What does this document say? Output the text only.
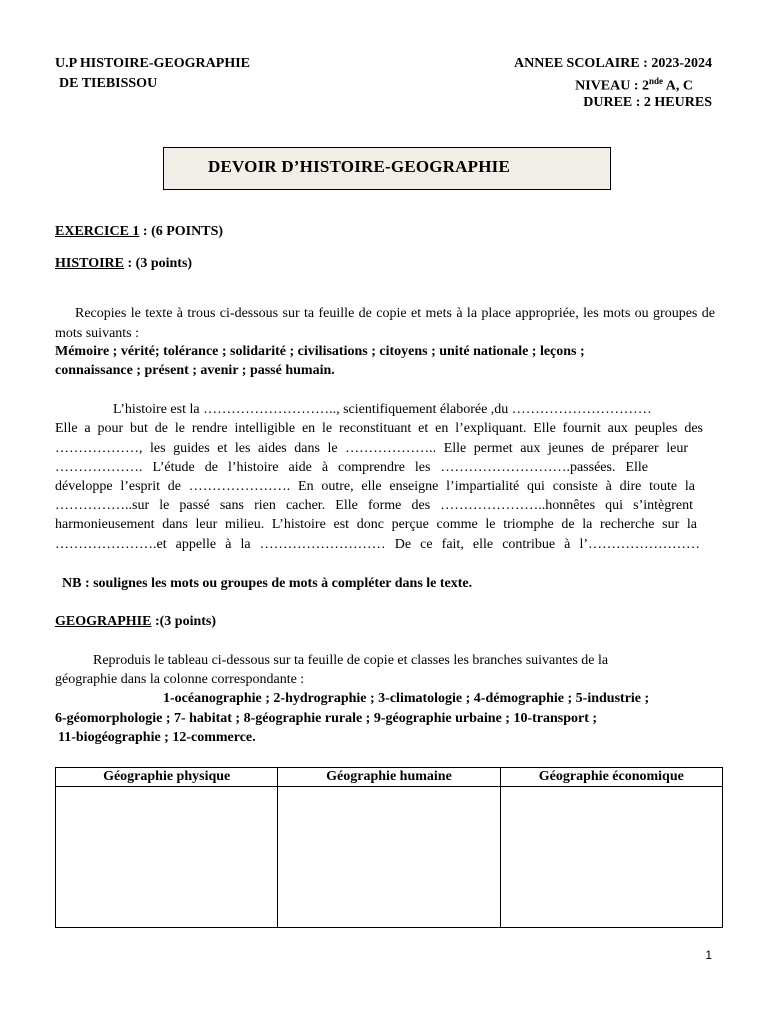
U.P HISTOIRE-GEOGRAPHIE
DE TIEBISSOU
ANNEE SCOLAIRE : 2023-2024
NIVEAU : 2nde A, C
DUREE : 2 HEURES
DEVOIR D’HISTOIRE-GEOGRAPHIE
EXERCICE 1 : (6 POINTS)
HISTOIRE : (3 points)
Recopies le texte à trous ci-dessous sur ta feuille de copie et mets à la place appropriée, les mots ou groupes de mots suivants :
Mémoire ; vérité; tolérance ; solidarité ; civilisations ; citoyens ; unité nationale ; leçons ;
connaissance ; présent ; avenir ; passé humain.
L’histoire est la ……………………….., scientifiquement élaborée ,du …………………………
Elle a pour but de le rendre intelligible en le reconstituant et en l’expliquant. Elle fournit aux peuples des
………………, les guides et les aides dans le ……………….. Elle permet aux jeunes de préparer leur
………………. L’étude de l’histoire aide à comprendre les ……………………….passées. Elle
développe l’esprit de …………………. En outre, elle enseigne l’impartialité qui consiste à dire toute la
……………..sur le passé sans rien cacher. Elle forme des …………………..honnêtes qui s’intègrent
harmonieusement dans leur milieu. L’histoire est donc perçue comme le triomphe de la recherche sur la
………………….et appelle à la ……………………… De ce fait, elle contribue à l’……………………
NB : soulignes les mots ou groupes de mots à compléter dans le texte.
GEOGRAPHIE :(3 points)
Reproduis le tableau ci-dessous sur ta feuille de copie et classes les branches suivantes de la
géographie dans la colonne correspondante :
1-océanographie ; 2-hydrographie ; 3-climatologie ; 4-démographie ; 5-industrie ;
6-géomorphologie ; 7- habitat ; 8-géographie rurale ; 9-géographie urbaine ; 10-transport ;
11-biogéographie ; 12-commerce.
Géographie physique	Géographie humaine	Géographie économique

1
